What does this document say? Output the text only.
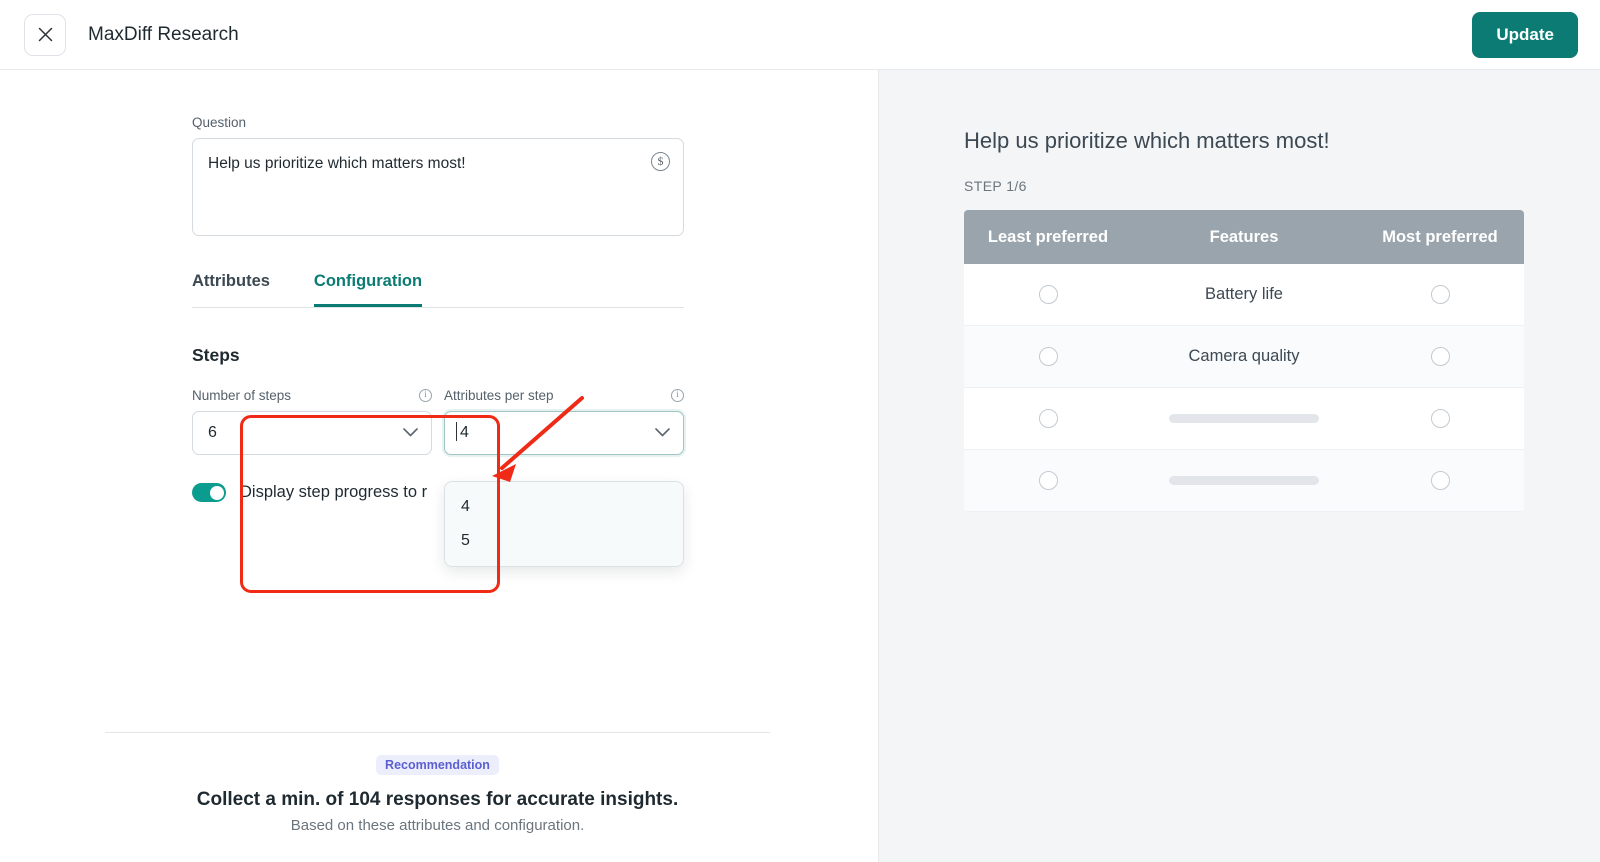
MaxDiff Research	Update
Question
Help us prioritize which matters most!	$
Attributes	Configuration
Steps
Number of steps	i
6
Attributes per step	i
4
4
5
Display step progress to r
Recommendation
Collect a min. of 104 responses for accurate insights.
Based on these attributes and configuration.
Help us prioritize which matters most!
STEP 1/6
Least preferred	Features	Most preferred
Battery life
Camera quality
